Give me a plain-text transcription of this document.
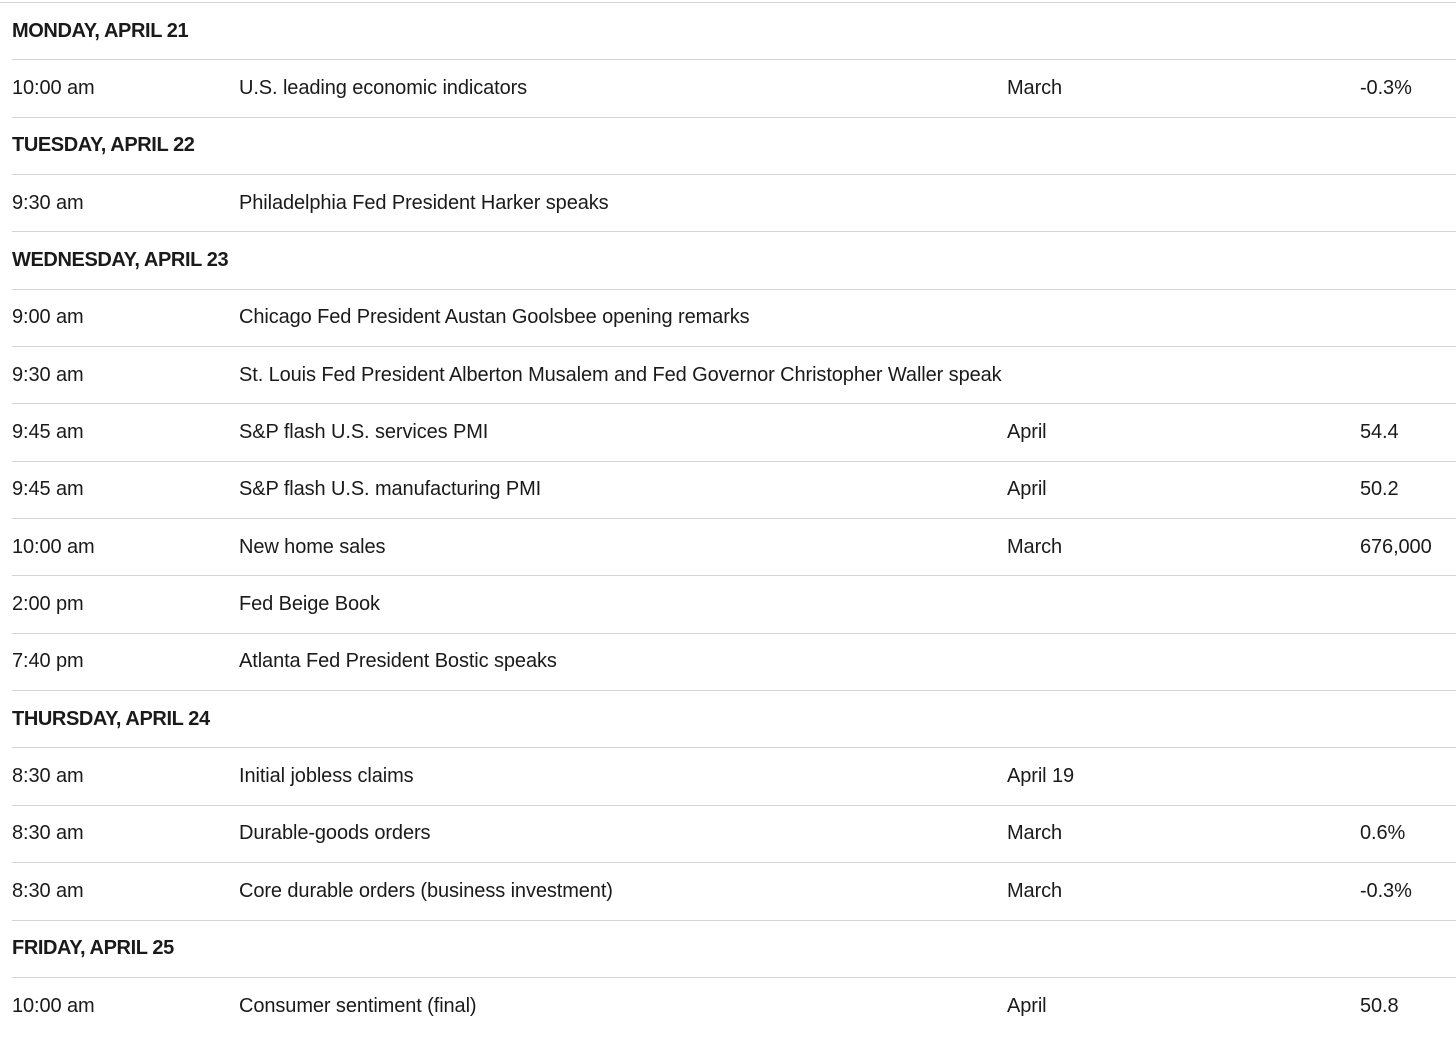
MONDAY, APRIL 21
10:00 am	U.S. leading economic indicators	March	-0.3%
TUESDAY, APRIL 22
9:30 am	Philadelphia Fed President Harker speaks
WEDNESDAY, APRIL 23
9:00 am	Chicago Fed President Austan Goolsbee opening remarks
9:30 am	St. Louis Fed President Alberton Musalem and Fed Governor Christopher Waller speak
9:45 am	S&P flash U.S. services PMI	April	54.4
9:45 am	S&P flash U.S. manufacturing PMI	April	50.2
10:00 am	New home sales	March	676,000
2:00 pm	Fed Beige Book
7:40 pm	Atlanta Fed President Bostic speaks
THURSDAY, APRIL 24
8:30 am	Initial jobless claims	April 19
8:30 am	Durable-goods orders	March	0.6%
8:30 am	Core durable orders (business investment)	March	-0.3%
FRIDAY, APRIL 25
10:00 am	Consumer sentiment (final)	April	50.8
